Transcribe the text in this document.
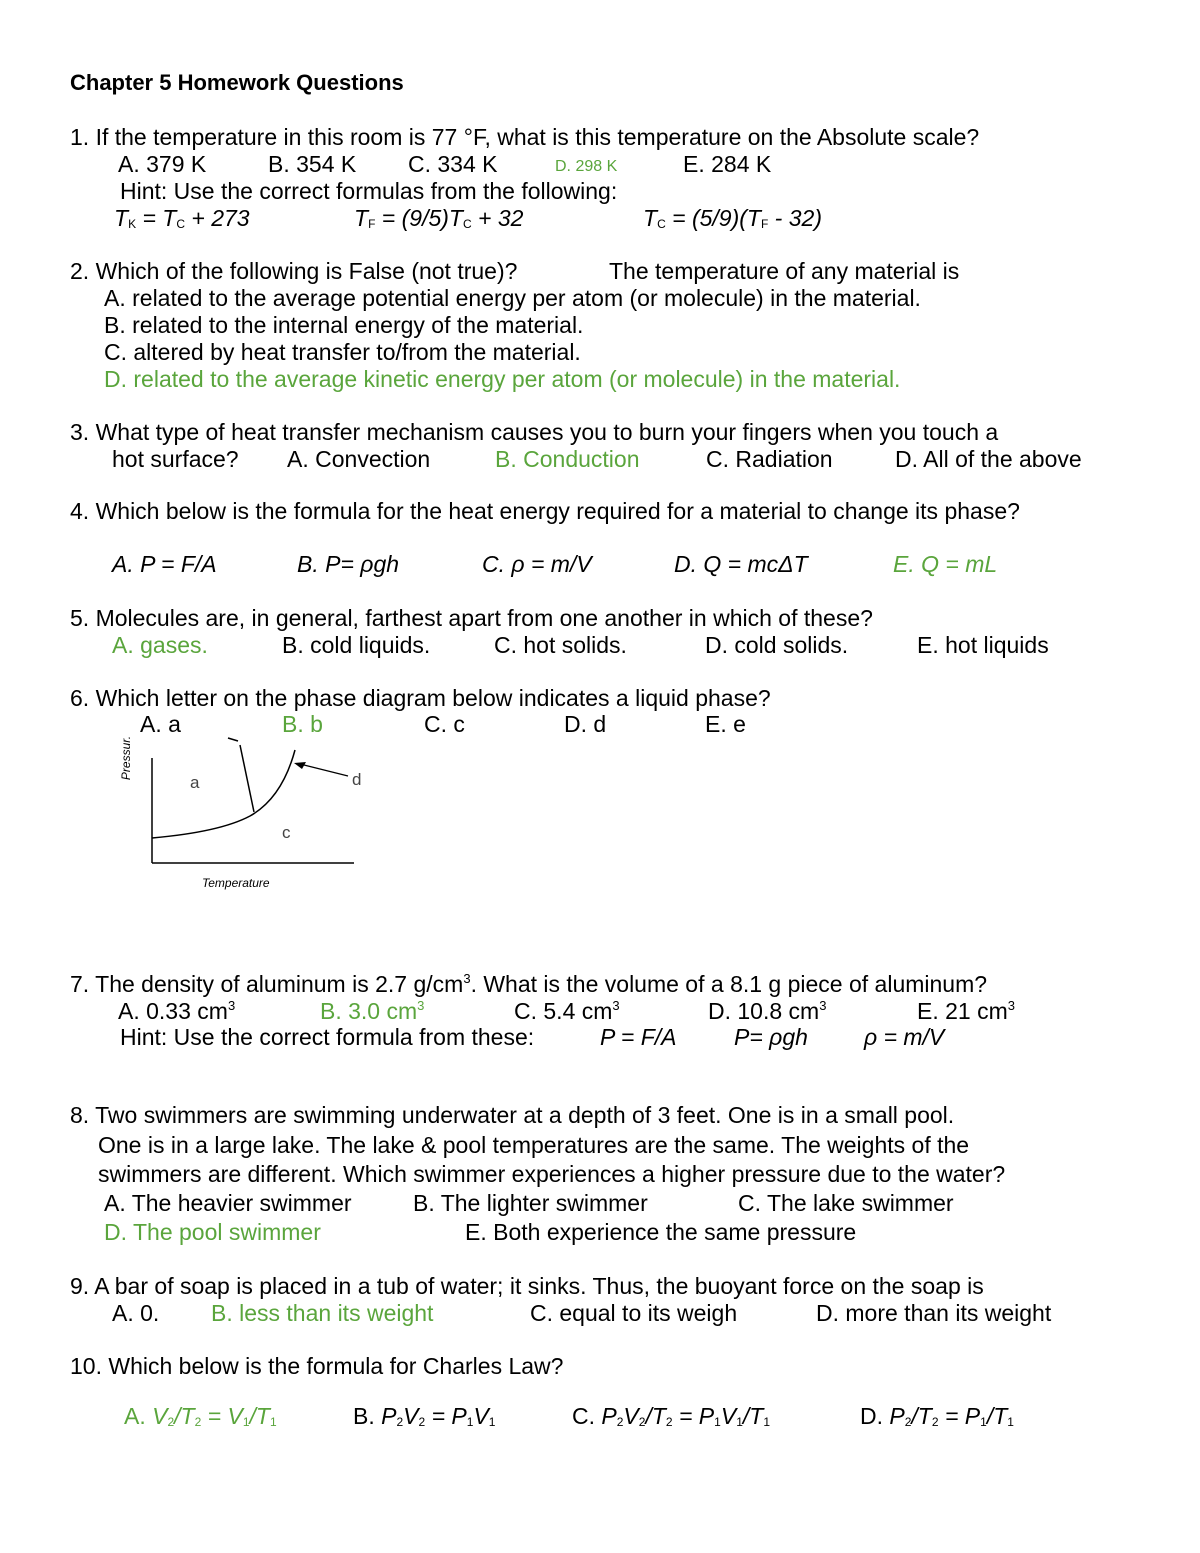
Chapter 5 Homework Questions
1. If the temperature in this room is 77 °F, what is this temperature on the Absolute scale?
A. 379 K	B. 354 K C. 334 K	D. 298 K	E. 284 K
Hint: Use the correct formulas from the following:
$T_K = T_C + 273$	$T_F = (9/5)T_C + 32$	$T_C = (5/9)(T_F - 32)$
2. Which of the following is False (not true)?	The temperature of any material is
A. related to the average potential energy per atom (or molecule) in the material.
B. related to the internal energy of the material.
C. altered by heat transfer to/from the material.
D. related to the average kinetic energy per atom (or molecule) in the material.
3. What type of heat transfer mechanism causes you to burn your fingers when you touch a
hot surface? A. Convection	B. Conduction	C. Radiation	D. All of the above
4. Which below is the formula for the heat energy required for a material to change its phase?
A. P = F/A	B. P= ρgh	C. ρ = m/V	D. Q = mcΔT	E. Q = mL
5. Molecules are, in general, farthest apart from one another in which of these?
A. gases.	B. cold liquids.	C. hot solids.	D. cold solids.	E. hot liquids
6. Which letter on the phase diagram below indicates a liquid phase?
A. a	B. b	C. c	D. d	E. e
Pressur.
a
c
d
Temperature
7. The density of aluminum is 2.7 $g/cm^3$. What is the volume of a 8.1 g piece of aluminum?
A. 0.33 $cm^3$	B. 3.0 $cm^3$	C. 5.4 $cm^3$	D. 10.8 $cm^3$	E. 21 $cm^3$
Hint: Use the correct formula from these:	P = F/A	P= ρgh ρ = m/V
8. Two swimmers are swimming underwater at a depth of 3 feet. One is in a small pool.
One is in a large lake. The lake & pool temperatures are the same. The weights of the
swimmers are different. Which swimmer experiences a higher pressure due to the water?
A. The heavier swimmer	B. The lighter swimmer	C. The lake swimmer
D. The pool swimmer	E. Both experience the same pressure
9. A bar of soap is placed in a tub of water; it sinks. Thus, the buoyant force on the soap is
A. 0. B. less than its weight	C. equal to its weigh	D. more than its weight
10. Which below is the formula for Charles Law?
A. $V_2/T_2 = V_1/T_1$	B. $P_2V_2 = P_1V_1$	C. $P_2V_2/T_2 = P_1V_1/T_1$	D. $P_2/T_2 = P_1/T_1$
